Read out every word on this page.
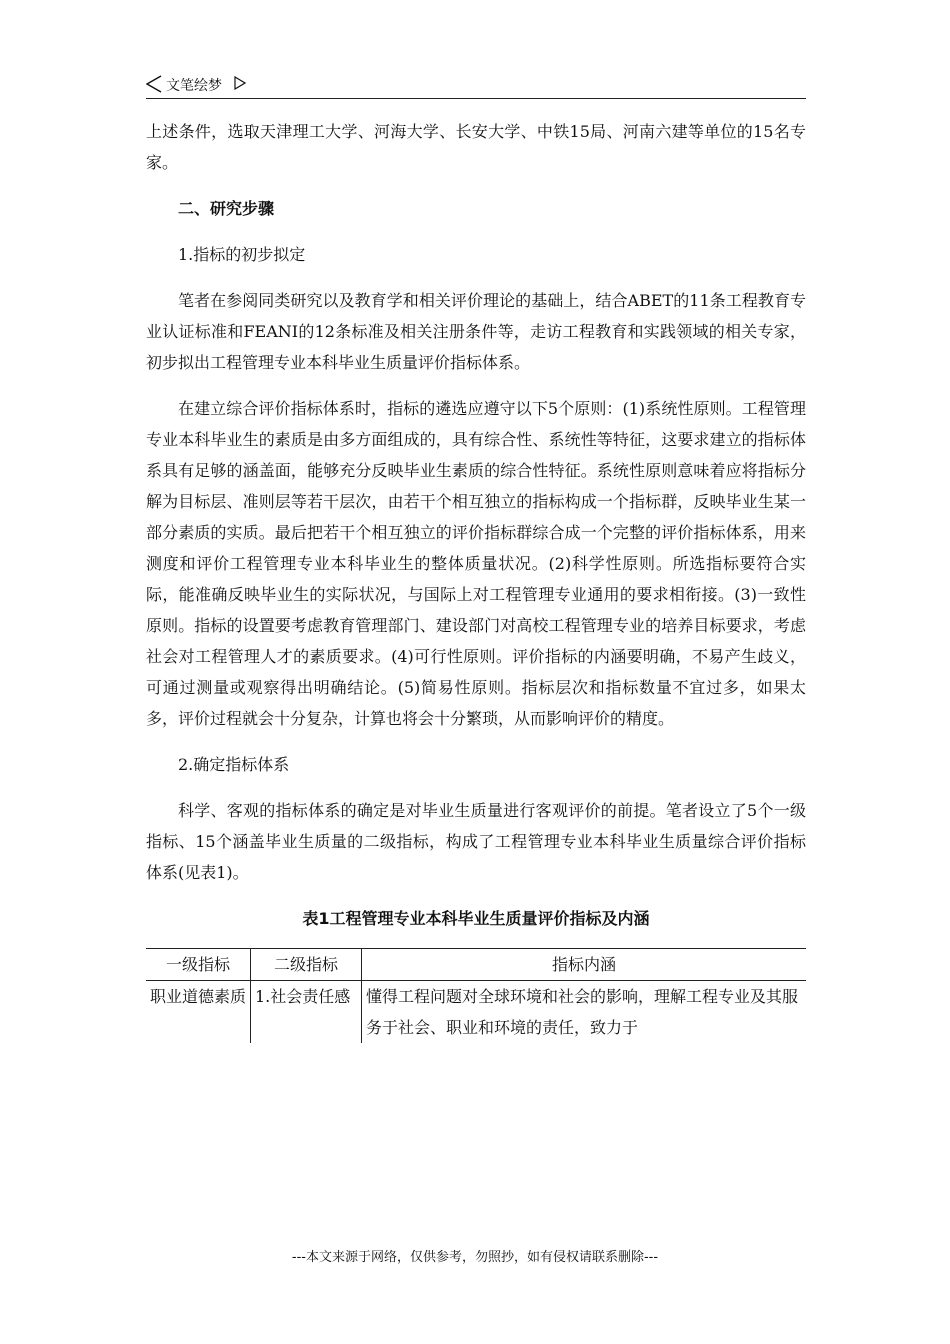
文笔绘梦

上述条件，选取天津理工大学、河海大学、长安大学、中铁15局、河南六建等单位的15名专家。

二、研究步骤

1.指标的初步拟定

笔者在参阅同类研究以及教育学和相关评价理论的基础上，结合ABET的11条工程教育专业认证标准和FEANI的12条标准及相关注册条件等，走访工程教育和实践领域的相关专家，初步拟出工程管理专业本科毕业生质量评价指标体系。

在建立综合评价指标体系时，指标的遴选应遵守以下5个原则：(1)系统性原则。工程管理专业本科毕业生的素质是由多方面组成的，具有综合性、系统性等特征，这要求建立的指标体系具有足够的涵盖面，能够充分反映毕业生素质的综合性特征。系统性原则意味着应将指标分解为目标层、准则层等若干层次，由若干个相互独立的指标构成一个指标群，反映毕业生某一部分素质的实质。最后把若干个相互独立的评价指标群综合成一个完整的评价指标体系，用来测度和评价工程管理专业本科毕业生的整体质量状况。(2)科学性原则。所选指标要符合实际，能准确反映毕业生的实际状况，与国际上对工程管理专业通用的要求相衔接。(3)一致性原则。指标的设置要考虑教育管理部门、建设部门对高校工程管理专业的培养目标要求，考虑社会对工程管理人才的素质要求。(4)可行性原则。评价指标的内涵要明确，不易产生歧义，可通过测量或观察得出明确结论。(5)简易性原则。指标层次和指标数量不宜过多，如果太多，评价过程就会十分复杂，计算也将会十分繁琐，从而影响评价的精度。

2.确定指标体系

科学、客观的指标体系的确定是对毕业生质量进行客观评价的前提。笔者设立了5个一级指标、15个涵盖毕业生质量的二级指标，构成了工程管理专业本科毕业生质量综合评价指标体系(见表1)。

表1工程管理专业本科毕业生质量评价指标及内涵

一级指标	二级指标	指标内涵
职业道德素质	1.社会责任感	懂得工程问题对全球环境和社会的影响，理解工程专业及其服务于社会、职业和环境的责任，致力于
---本文来源于网络，仅供参考，勿照抄，如有侵权请联系删除---
